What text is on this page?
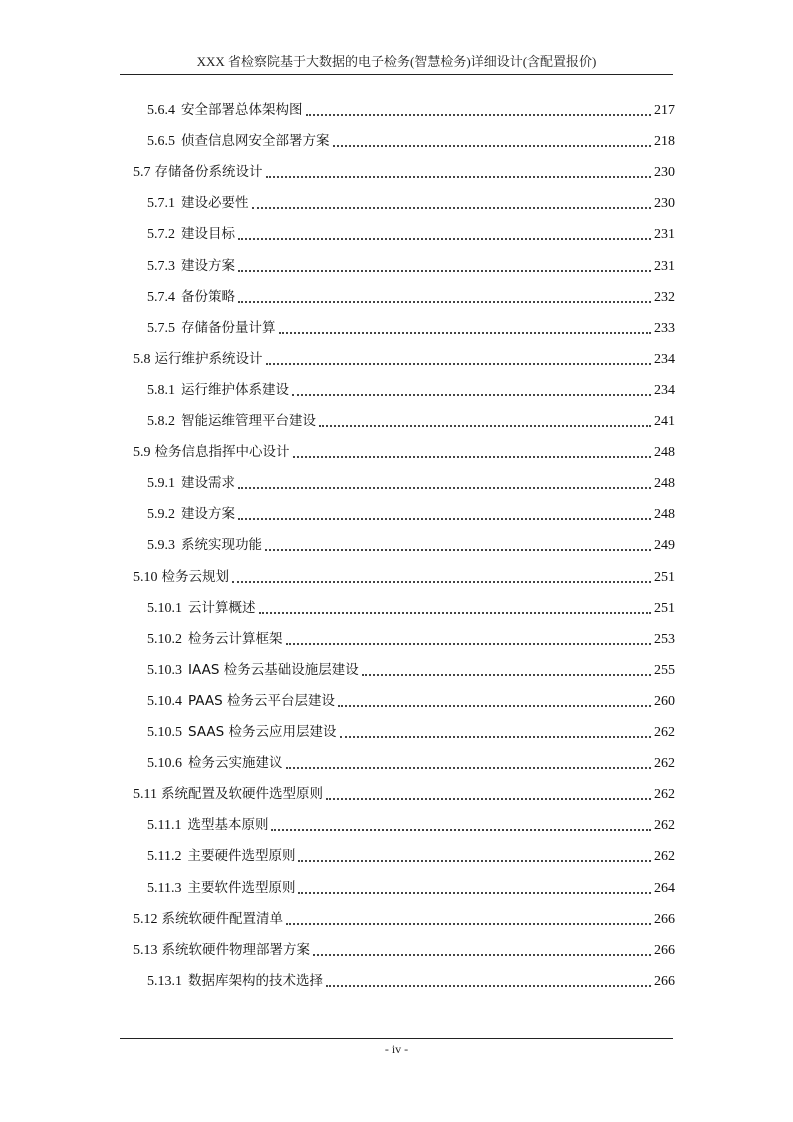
XXX 省检察院基于大数据的电子检务(智慧检务)详细设计(含配置报价)
5.6.4 安全部署总体架构图	217
5.6.5 侦查信息网安全部署方案	218
5.7 存储备份系统设计	230
5.7.1 建设必要性	230
5.7.2 建设目标	231
5.7.3 建设方案	231
5.7.4 备份策略	232
5.7.5 存储备份量计算	233
5.8 运行维护系统设计	234
5.8.1 运行维护体系建设	234
5.8.2 智能运维管理平台建设	241
5.9 检务信息指挥中心设计	248
5.9.1 建设需求	248
5.9.2 建设方案	248
5.9.3 系统实现功能	249
5.10 检务云规划	251
5.10.1 云计算概述	251
5.10.2 检务云计算框架	253
5.10.3 IAAS 检务云基础设施层建设	255
5.10.4 PAAS 检务云平台层建设	260
5.10.5 SAAS 检务云应用层建设	262
5.10.6 检务云实施建议	262
5.11 系统配置及软硬件选型原则	262
5.11.1 选型基本原则	262
5.11.2 主要硬件选型原则	262
5.11.3 主要软件选型原则	264
5.12 系统软硬件配置清单	266
5.13 系统软硬件物理部署方案	266
5.13.1 数据库架构的技术选择	266
- iv -
